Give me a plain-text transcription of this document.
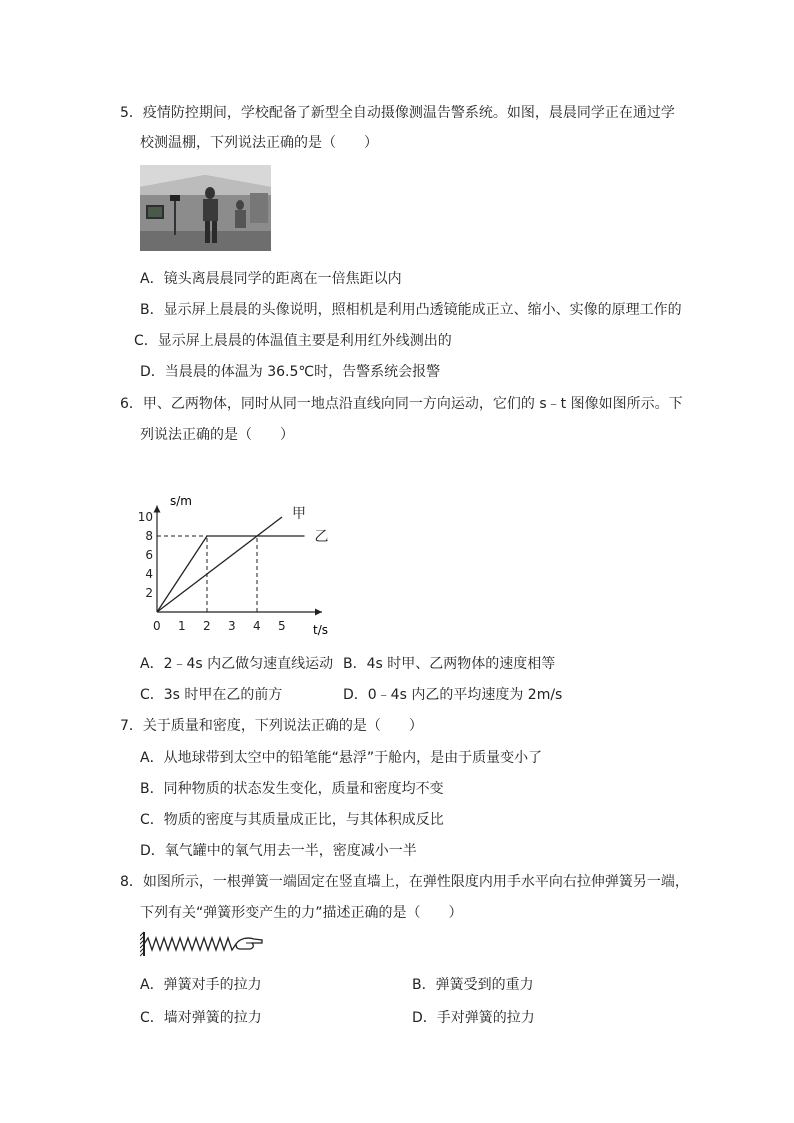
5．疫情防控期间，学校配备了新型全自动摄像测温告警系统。如图，晨晨同学正在通过学
校测温棚，下列说法正确的是（　　）
A．镜头离晨晨同学的距离在一倍焦距以内
B．显示屏上晨晨的头像说明，照相机是利用凸透镜能成正立、缩小、实像的原理工作的
C．显示屏上晨晨的体温值主要是利用红外线测出的
D．当晨晨的体温为 36.5℃时，告警系统会报警
6．甲、乙两物体，同时从同一地点沿直线向同一方向运动，它们的 s﹣t 图像如图所示。下
列说法正确的是（　　）
s/m
t/s
甲
乙
0 1 2 3 4 5
2
4
6
8
10
A．2﹣4s 内乙做匀速直线运动 B．4s 时甲、乙两物体的速度相等
C．3s 时甲在乙的前方	D．0﹣4s 内乙的平均速度为 2m/s
7．关于质量和密度，下列说法正确的是（　　）
A．从地球带到太空中的铅笔能“悬浮”于舱内，是由于质量变小了
B．同种物质的状态发生变化，质量和密度均不变
C．物质的密度与其质量成正比，与其体积成反比
D．氧气罐中的氧气用去一半，密度减小一半
8．如图所示，一根弹簧一端固定在竖直墙上，在弹性限度内用手水平向右拉伸弹簧另一端，
下列有关“弹簧形变产生的力”描述正确的是（　　）
A．弹簧对手的拉力	B．弹簧受到的重力
C．墙对弹簧的拉力	D．手对弹簧的拉力
